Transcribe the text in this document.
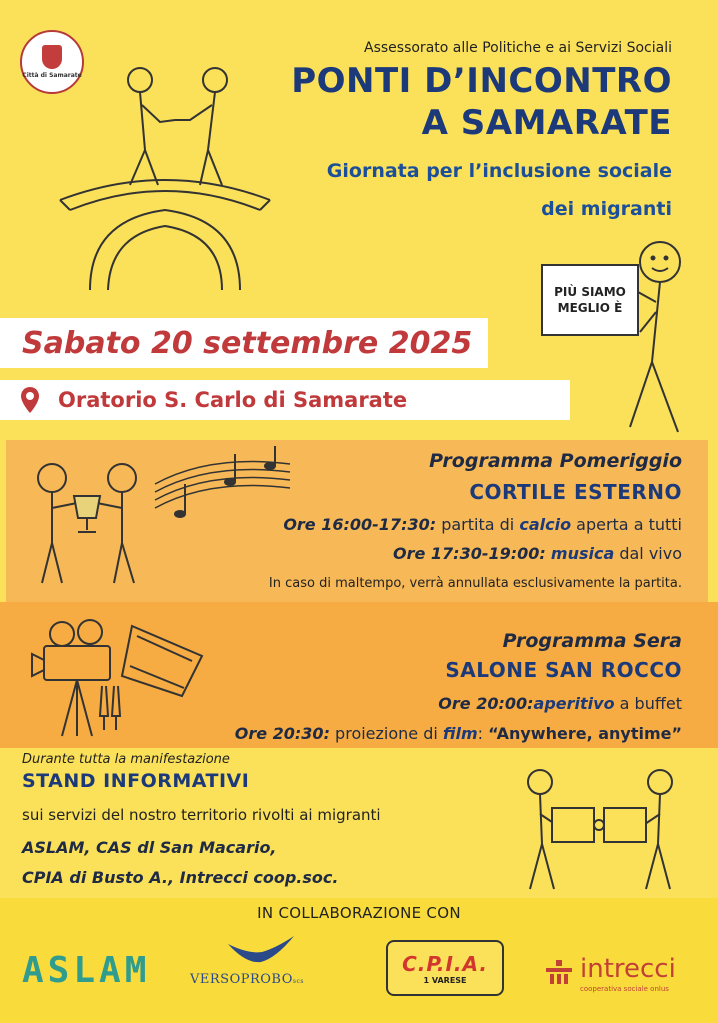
Città di Samarate
Assessorato alle Politiche e ai Servizi Sociali
PONTI D’INCONTRO
A SAMARATE
Giornata per l’inclusione sociale
dei migranti
PIÙ SIAMO
MEGLIO È
Sabato 20 settembre 2025
Oratorio S. Carlo di Samarate
Programma Pomeriggio
CORTILE ESTERNO
Ore 16:00-17:30: partita di calcio aperta a tutti
Ore 17:30-19:00: musica dal vivo
In caso di maltempo, verrà annullata esclusivamente la partita.
Programma Sera
SALONE SAN ROCCO
Ore 20:00:aperitivo a buffet
Ore 20:30: proiezione di film: “Anywhere, anytime”
Durante tutta la manifestazione
STAND INFORMATIVI
sui servizi del nostro territorio rivolti ai migranti
ASLAM, CAS dl San Macario,
CPIA di Busto A., Intrecci coop.soc.
IN COLLABORAZIONE CON
ASLAM	VERSOPROBOscs
C.P.I.A.
1 VARESE	intrecci
cooperativa sociale onlus
